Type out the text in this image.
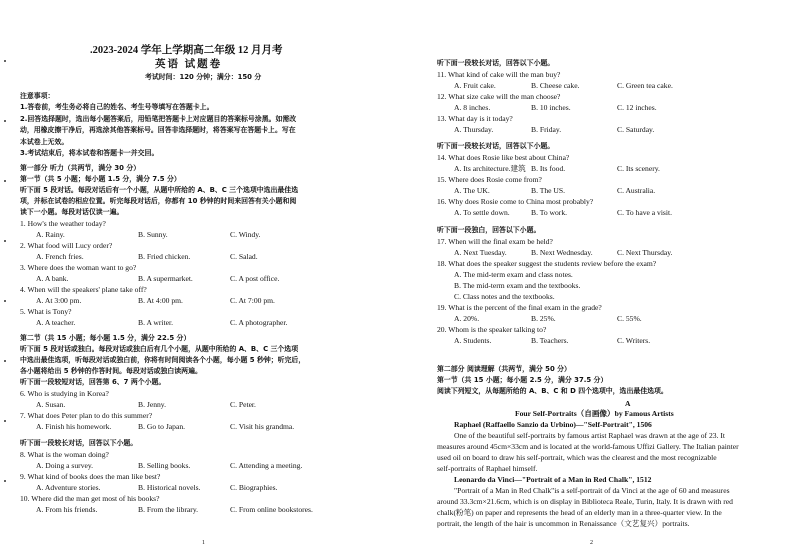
.2023-2024 学年上学期高二年级 12 月月考
英语 试题卷
考试时间：120 分钟；满分：150 分
注意事项：
1.答卷前，考生务必将自己的姓名、考生号等填写在答题卡上。
2.回答选择题时，选出每小题答案后，用铅笔把答题卡上对应题目的答案标号涂黑。如需改
动，用橡皮擦干净后，再选涂其他答案标号。回答非选择题时，将答案写在答题卡上。写在
本试卷上无效。
3.考试结束后，将本试卷和答题卡一并交回。
第一部分 听力（共两节，满分 30 分）
第一节（共 5 小题；每小题 1.5 分，满分 7.5 分）
听下面 5 段对话。每段对话后有一个小题，从题中所给的 A、B、C 三个选项中选出最佳选
项，并标在试卷的相应位置。听完每段对话后，你都有 10 秒钟的时间来回答有关小题和阅
读下一小题。每段对话仅读一遍。
1. How's the weather today?
A. Rainy.	B. Sunny.	C. Windy.
2. What food will Lucy order?
A. French fries.	B. Fried chicken.	C. Salad.
3. Where does the woman want to go?
A. A bank.	B. A supermarket.	C. A post office.
4. When will the speakers' plane take off?
A. At 3:00 pm.	B. At 4:00 pm.	C. At 7:00 pm.
5. What is Tony?
A. A teacher.	B. A writer.	C. A photographer.
第二节（共 15 小题；每小题 1.5 分，满分 22.5 分）
听下面 5 段对话或独白。每段对话或独白后有几个小题，从题中所给的 A、B、C 三个选项
中选出最佳选项，听每段对话或独白前，你将有时间阅读各个小题，每小题 5 秒钟；听完后，
各小题将给出 5 秒钟的作答时间。每段对话或独白读两遍。
听下面一段较短对话，回答第 6、7 两个小题。
6. Who is studying in Korea?
A. Susan.	B. Jenny.	C. Peter.
7. What does Peter plan to do this summer?
A. Finish his homework.	B. Go to Japan.	C. Visit his grandma.
听下面一段较长对话，回答以下小题。
8. What is the woman doing?
A. Doing a survey.	B. Selling books.	C. Attending a meeting.
9. What kind of books does the man like best?
A. Adventure stories.	B. Historical novels.	C. Biographies.
10. Where did the man get most of his books?
A. From his friends.	B. From the library.	C. From online bookstores.
1
听下面一段较长对话，回答以下小题。
11. What kind of cake will the man buy?
A. Fruit cake.	B. Cheese cake.	C. Green tea cake.
12. What size cake will the man choose?
A. 8 inches.	B. 10 inches.	C. 12 inches.
13. What day is it today?
A. Thursday.	B. Friday.	C. Saturday.
听下面一段较长对话，回答以下小题。
14. What does Rosie like best about China?
A. Its architecture.建筑 B. Its food.	C. Its scenery.
15. Where does Rosie come from?
A. The UK.	B. The US.	C. Australia.
16. Why does Rosie come to China most probably?
A. To settle down.	B. To work.	C. To have a visit.
听下面一段独白，回答以下小题。
17. When will the final exam be held?
A. Next Tuesday.	B. Next Wednesday.	C. Next Thursday.
18. What does the speaker suggest the students review before the exam?
A. The mid-term exam and class notes.
B. The mid-term exam and the textbooks.
C. Class notes and the textbooks.
19. What is the percent of the final exam in the grade?
A. 20%.	B. 25%.	C. 55%.
20. Whom is the speaker talking to?
A. Students.	B. Teachers.	C. Writers.
第二部分 阅读理解（共两节，满分 50 分）
第一节（共 15 小题；每小题 2.5 分，满分 37.5 分）
阅读下列短文，从每题所给的 A、B、C 和 D 四个选项中，选出最佳选项。
A
Four Self-Portraits（自画像）by Famous Artists
Raphael (Raffaello Sanzio da Urbino)—"Self-Portrait", 1506
One of the beautiful self-portraits by famous artist Raphael was drawn at the age of 23. It
measures around 45cm×33cm and is located at the world-famous Uffizi Gallery. The Italian painter
used oil on board to draw his self-portrait, which was the clearest and the most recognizable
self-portraits of Raphael himself.
Leonardo da Vinci—"Portrait of a Man in Red Chalk", 1512
"Portrait of a Man in Red Chalk"is a self-portrait of da Vinci at the age of 60 and measures
around 33.3cm×21.6cm, which is on display in Biblioteca Reale, Turin, Italy. It is drawn with red
chalk(粉笔) on paper and represents the head of an elderly man in a three-quarter view. In the
portrait, the length of the hair is uncommon in Renaissance（文艺复兴）portraits.
2
